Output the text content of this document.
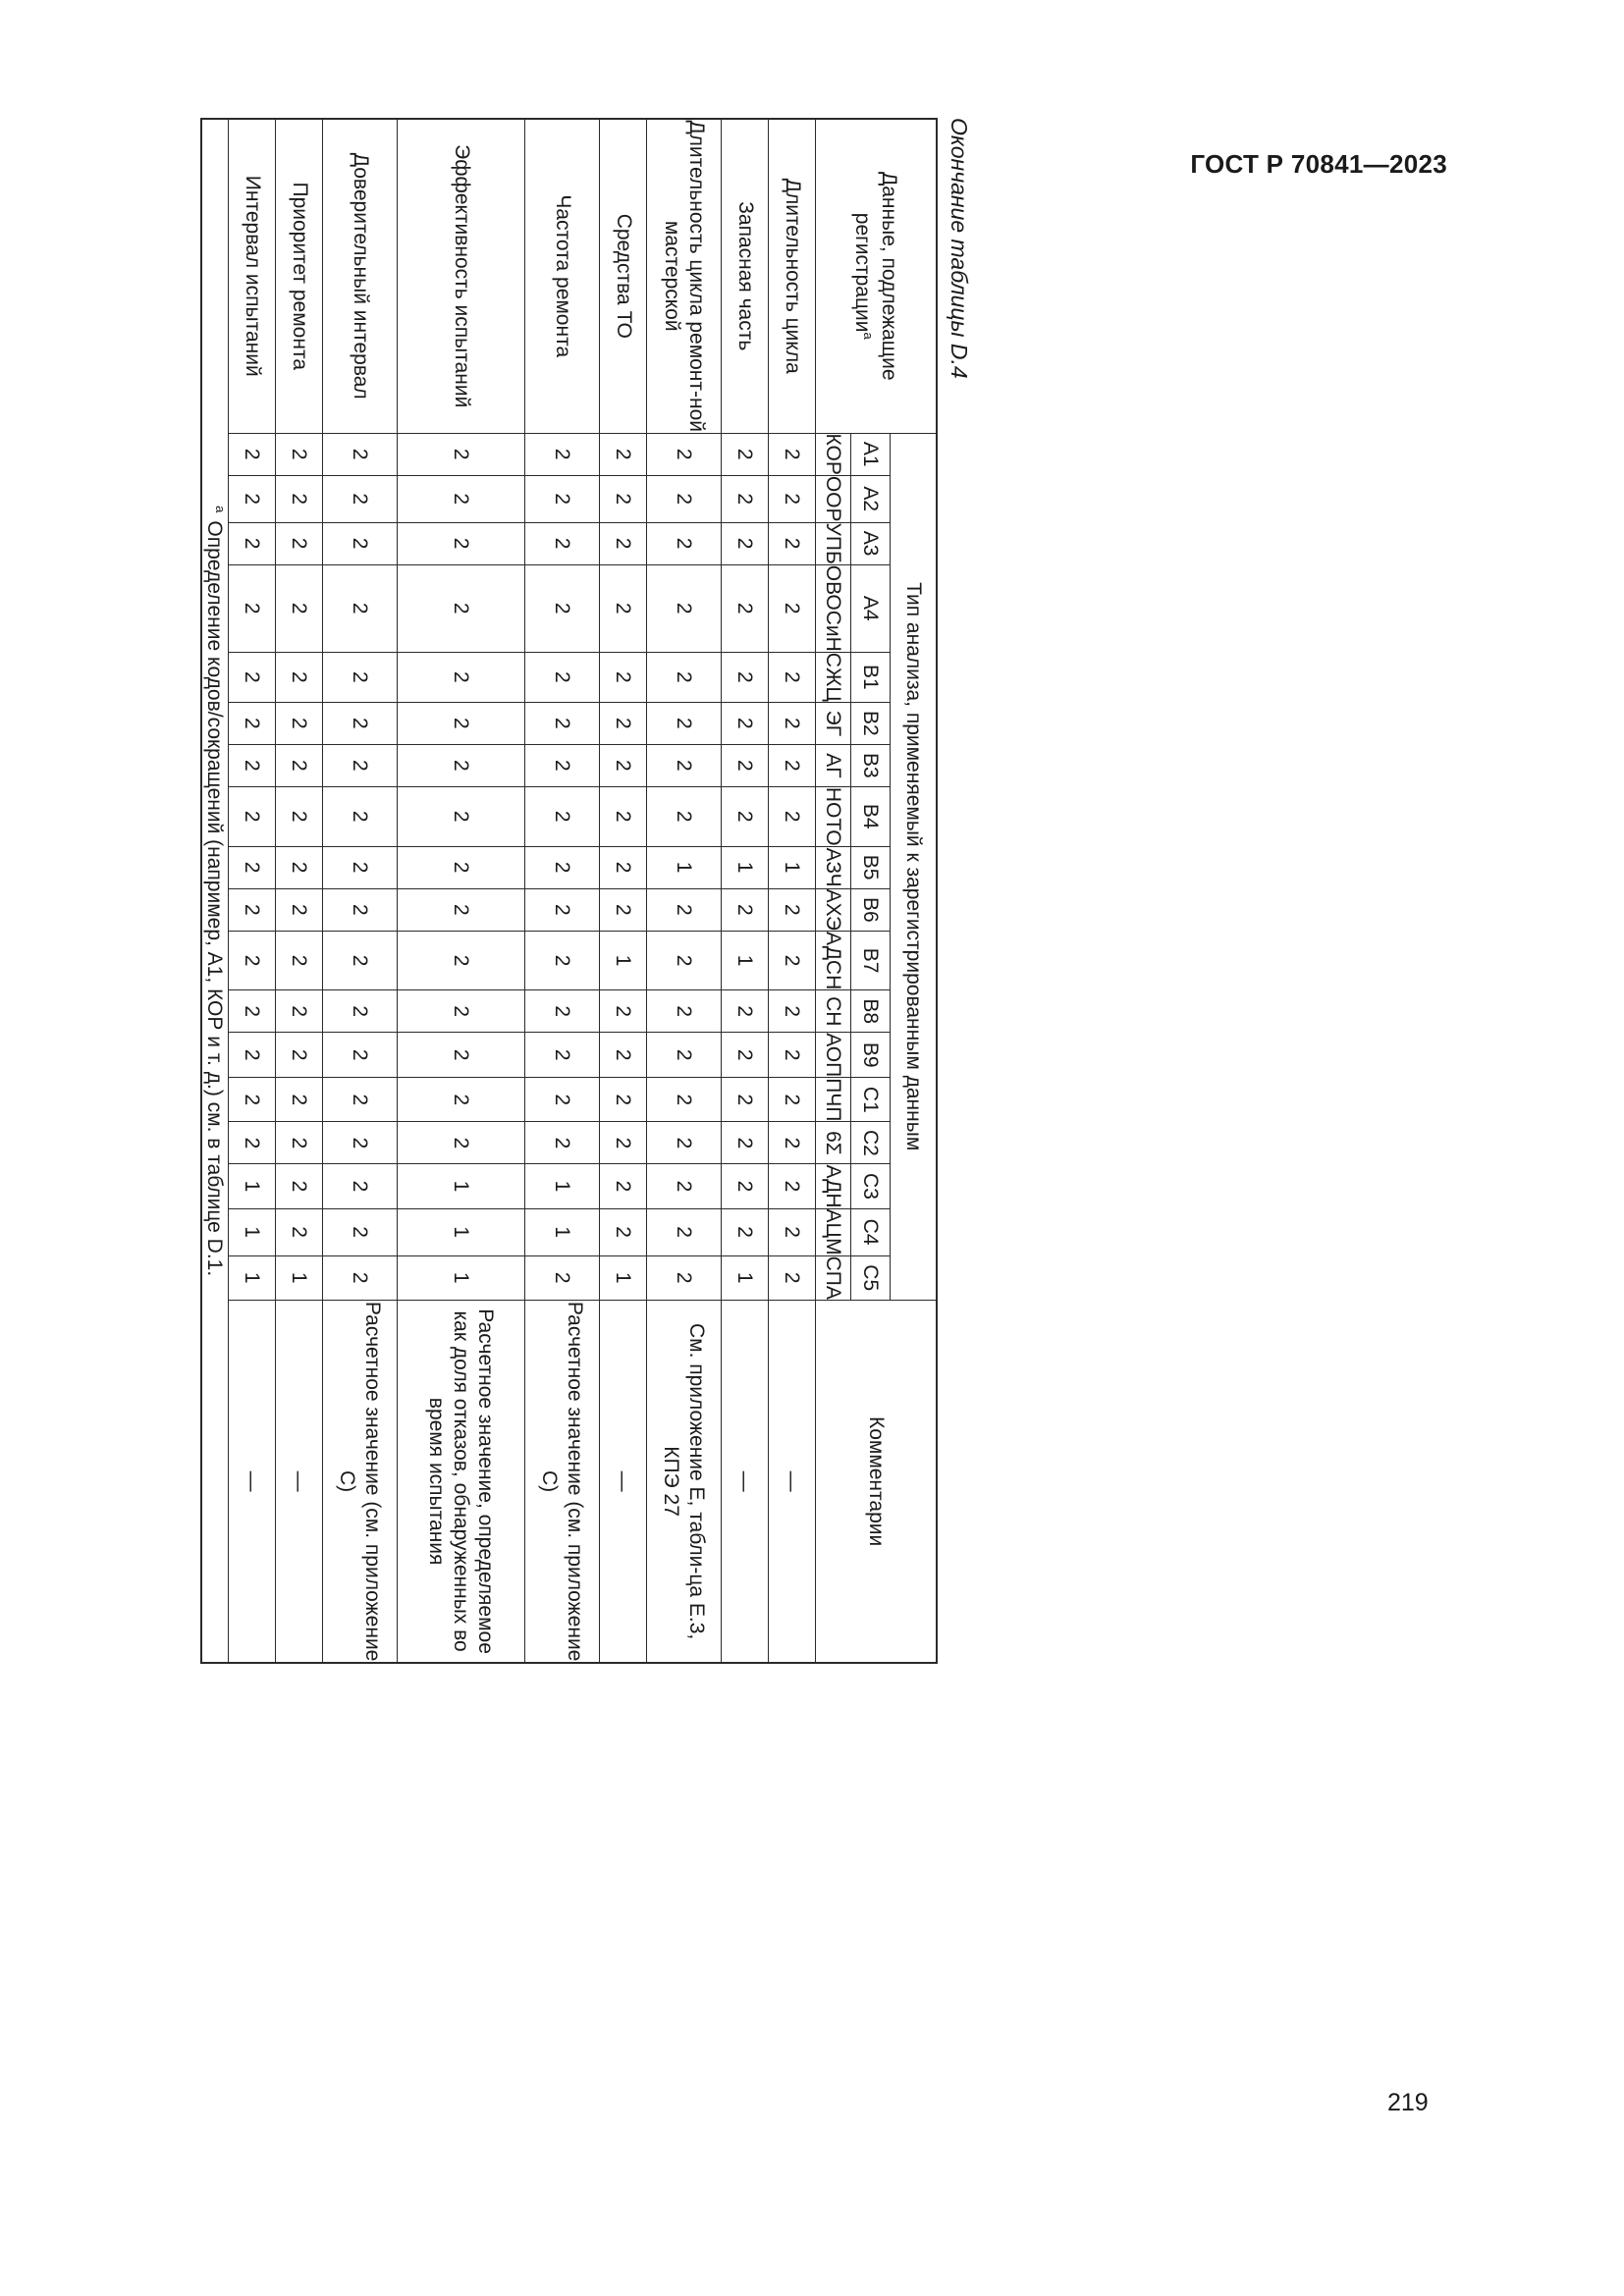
ГОСТ Р 70841—2023
Окончание таблицы D.4
Данные, подлежащие регистрации$^a$	Тип анализа, применяемый к зарегистрированным данным																		Комментарии
	A1	A2	A3	A4	B1	B2	B3	B4	B5	B6	B7	B8	B9	C1	C2	C3	C4	C5	
	КОР	ООР	УПБ	ОВОСиН	СЖЦ	ЭГ	АГ	НОТО	АЗЧ	АХЭ	АДСН	СН	АОП	ПЧП	6Σ	АДН	АЦМ	СПА	
Длительность цикла	2	2	2	2	2	2	2	2	1	2	2	2	2	2	2	2	2	2	—
Запасная часть	2	2	2	2	2	2	2	2	1	2	1	2	2	2	2	2	2	1	—
Длительность цикла ремонт-ной мастерской	2	2	2	2	2	2	2	2	1	2	2	2	2	2	2	2	2	2	См. приложение Е, табли-ца Е.3, КПЭ 27
Средства ТО	2	2	2	2	2	2	2	2	2	2	1	2	2	2	2	2	2	1	—
Частота ремонта	2	2	2	2	2	2	2	2	2	2	2	2	2	2	2	1	1	2	Расчетное значение (см. приложение С)
Эффективность испытаний	2	2	2	2	2	2	2	2	2	2	2	2	2	2	2	1	1	1	Расчетное значение, определяемое как доля отказов, обнаруженных во время испытания
Доверительный интервал	2	2	2	2	2	2	2	2	2	2	2	2	2	2	2	2	2	2	Расчетное значение (см. приложение С)
Приоритет ремонта	2	2	2	2	2	2	2	2	2	2	2	2	2	2	2	2	2	1	—
Интервал испытаний	2	2	2	2	2	2	2	2	2	2	2	2	2	2	2	1	1	1	—
$^a$Определение кодов/сокращений (например, А1, КОР и т. д.) см. в таблице D.1.																			
219
